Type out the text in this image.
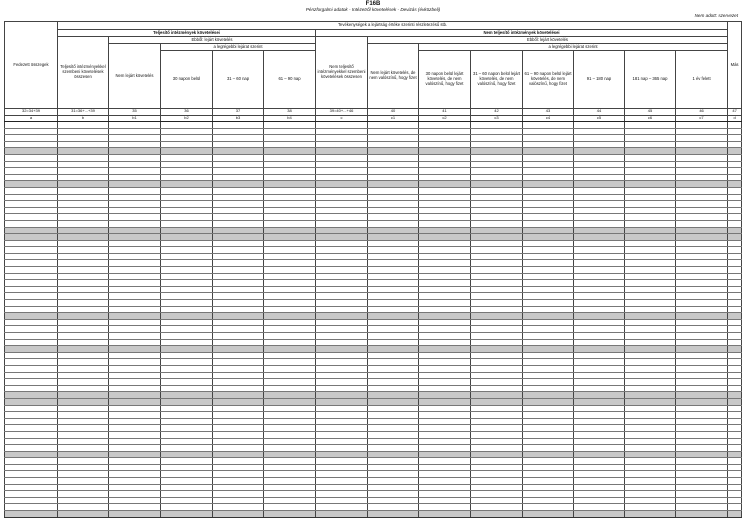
F16B
Pénzforgalmi adatok - Intézetről követelések - Devizás (évközbeli)
Nem adott: szervezet
Fedezett összegek	Tevékenységek a lejártság értéke szerinti részletezésű stb.													Más
	Teljesítő intézmények követelései					Nem teljesítő intézmények követelései								
	Teljesítő intézményekkel szembeni követelések összesen	Ebből: lejárt követelés				Nem teljesítő intézményekkel szembeni követelések összesen	Ebből: lejárt követelés							
		Nem lejárt követelés	a legrégebbi lejárat szerint				Nem lejárt követelés, de nem valószínű, hogy fizet	a legrégebbi lejárat szerint						
			30 napon belül	31 – 60 nap	61 – 90 nap			30 napon belül lejárt követelés, de nem valószínű, hogy fizet	31 – 60 napon belül lejárt követelés, de nem valószínű, hogy fizet	61 – 90 napon belül lejárt követelés, de nem valószínű, hogy fizet	91 – 180 nap	181 nap – 365 nap	1 év felett	
32=34+39	31=36+...+39	35	36	37	38	39=40+...+46	40	41	42	43	44	45	46	47
a	b	b1	b2	b3	b4	c	c1	c2	c3	c4	c5	c6	c7	d
